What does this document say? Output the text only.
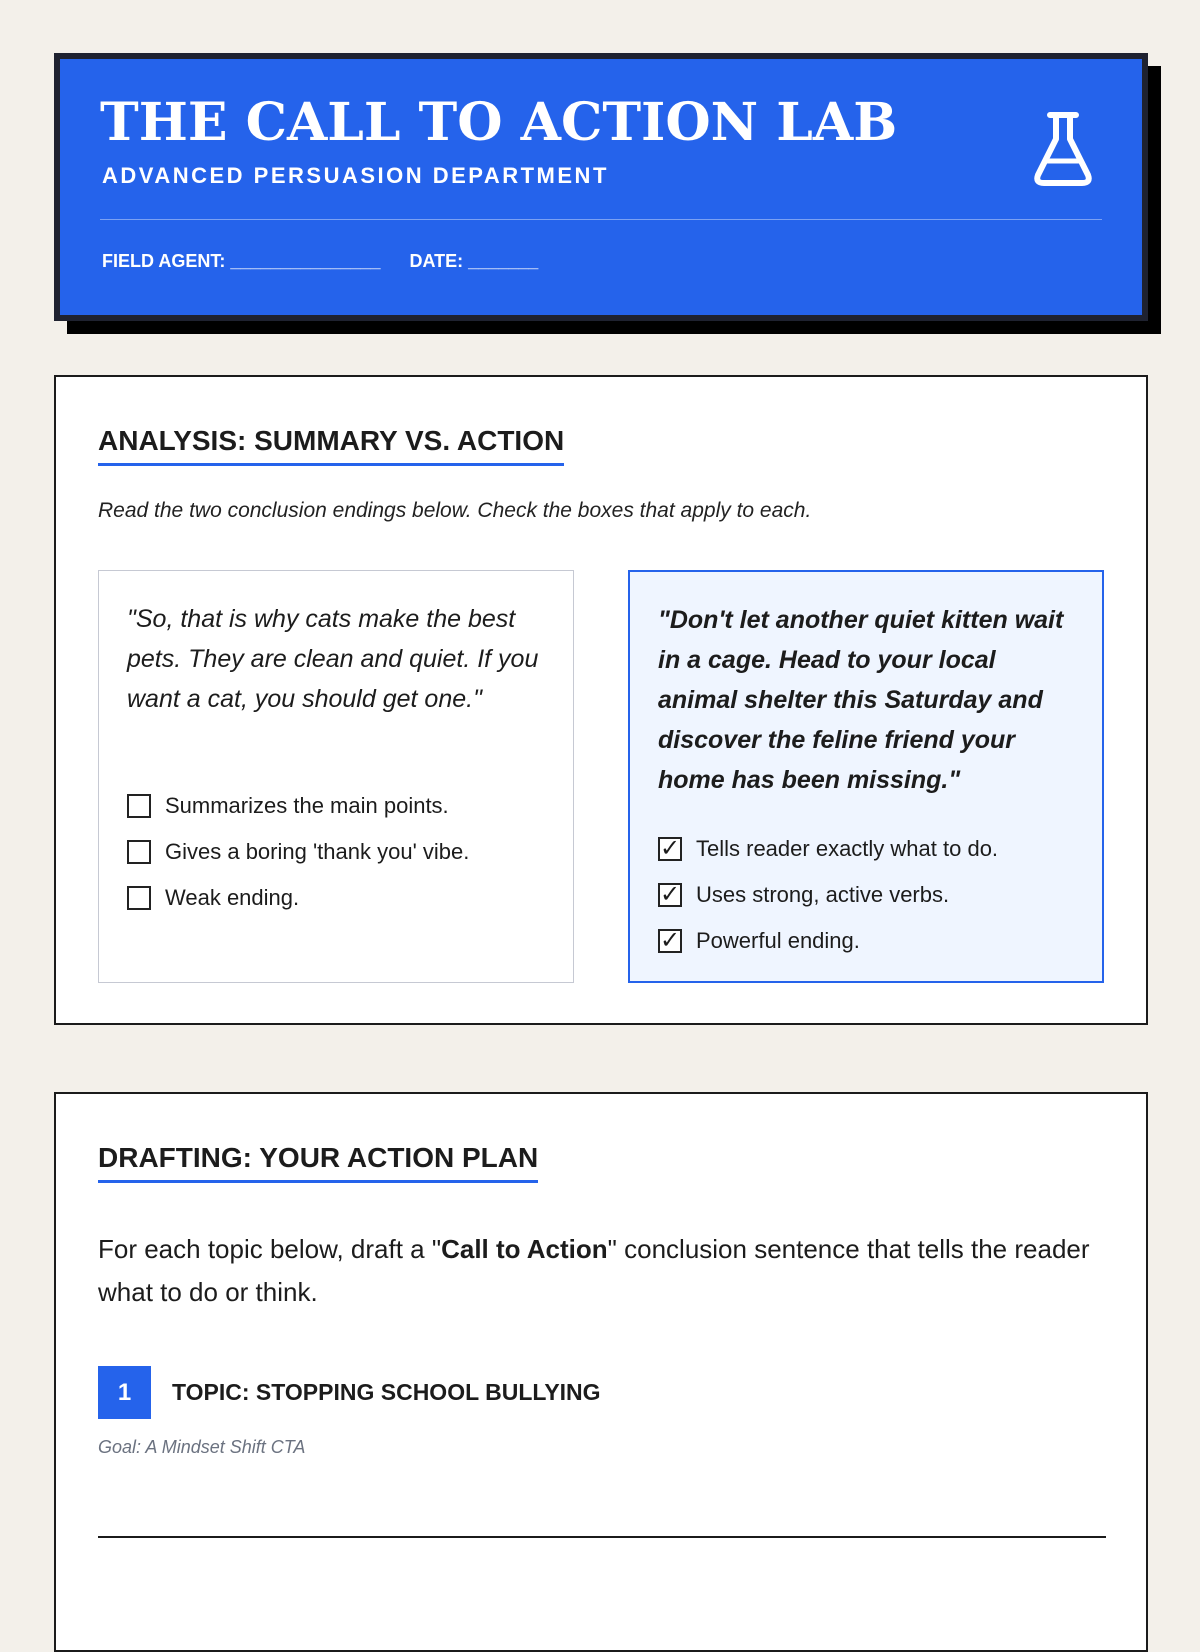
THE CALL TO ACTION LAB
ADVANCED PERSUASION DEPARTMENT
FIELD AGENT: _______________ DATE: _______
ANALYSIS: SUMMARY VS. ACTION
Read the two conclusion endings below. Check the boxes that apply to each.
"So, that is why cats make the best pets. They are clean and quiet. If you want a cat, you should get one."
Summarizes the main points.
Gives a boring 'thank you' vibe.
Weak ending.
"Don't let another quiet kitten wait in a cage. Head to your local animal shelter this Saturday and discover the feline friend your home has been missing."
✓ Tells reader exactly what to do.
✓ Uses strong, active verbs.
✓ Powerful ending.
DRAFTING: YOUR ACTION PLAN
For each topic below, draft a "Call to Action" conclusion sentence that tells the reader what to do or think.
1	TOPIC: STOPPING SCHOOL BULLYING
Goal: A Mindset Shift CTA
